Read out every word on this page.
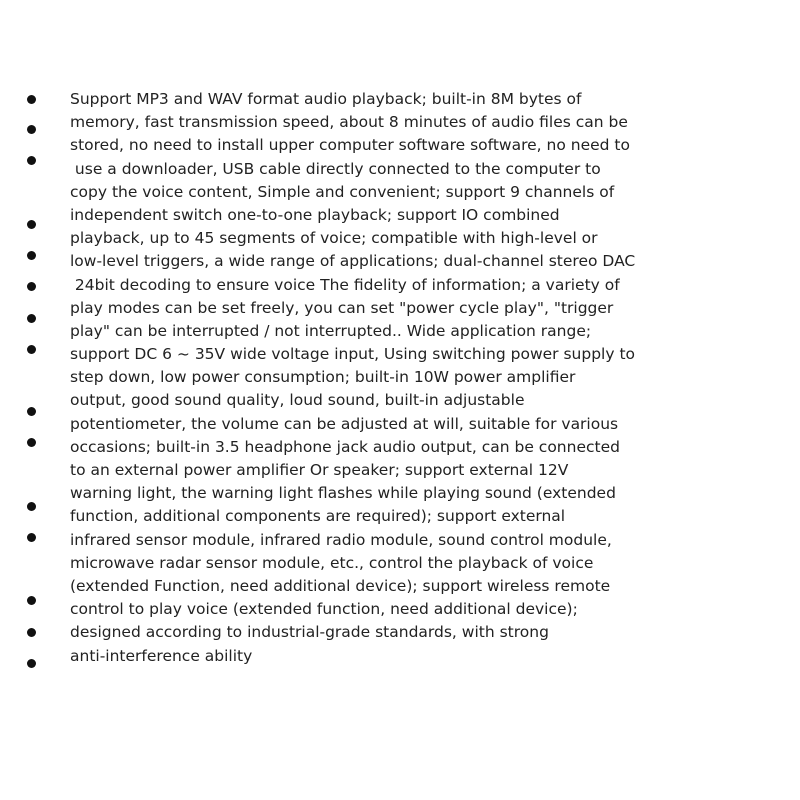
Support MP3 and WAV format audio playback; built-in 8M bytes of
memory, fast transmission speed, about 8 minutes of audio files can be
stored, no need to install upper computer software software, no need to
use a downloader, USB cable directly connected to the computer to
copy the voice content, Simple and convenient; support 9 channels of
independent switch one-to-one playback; support IO combined
playback, up to 45 segments of voice; compatible with high-level or
low-level triggers, a wide range of applications; dual-channel stereo DAC
24bit decoding to ensure voice The fidelity of information; a variety of
play modes can be set freely, you can set "power cycle play", "trigger
play" can be interrupted / not interrupted.. Wide application range;
support DC 6 ~ 35V wide voltage input, Using switching power supply to
step down, low power consumption; built-in 10W power amplifier
output, good sound quality, loud sound, built-in adjustable
potentiometer, the volume can be adjusted at will, suitable for various
occasions; built-in 3.5 headphone jack audio output, can be connected
to an external power amplifier Or speaker; support external 12V
warning light, the warning light flashes while playing sound (extended
function, additional components are required); support external
infrared sensor module, infrared radio module, sound control module,
microwave radar sensor module, etc., control the playback of voice
(extended Function, need additional device); support wireless remote
control to play voice (extended function, need additional device);
designed according to industrial-grade standards, with strong
anti-interference ability
